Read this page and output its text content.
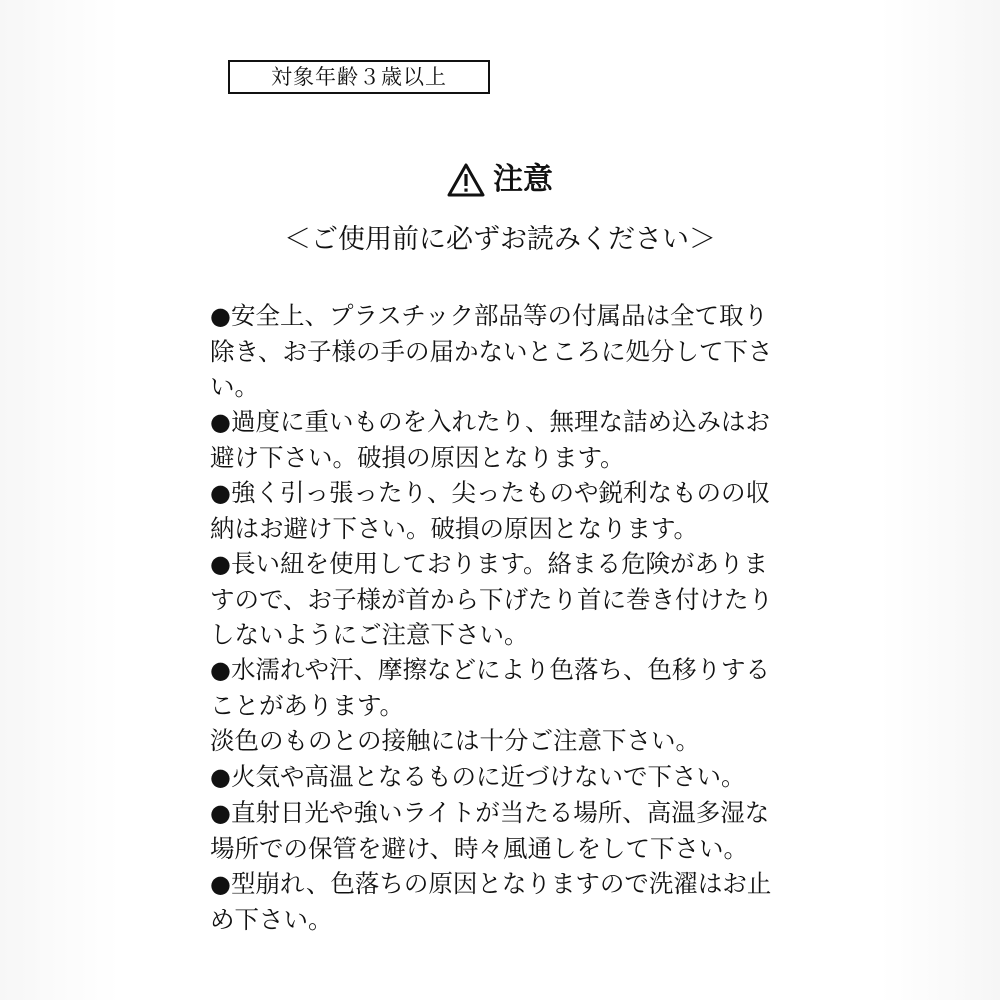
対象年齢３歳以上
注意
＜ご使用前に必ずお読みください＞

●安全上、プラスチック部品等の付属品は全て取り除き、お子様の手の届かないところに処分して下さい。

●過度に重いものを入れたり、無理な詰め込みはお避け下さい。破損の原因となります。

●強く引っ張ったり、尖ったものや鋭利なものの収納はお避け下さい。破損の原因となります。

●長い紐を使用しております。絡まる危険がありますので、お子様が首から下げたり首に巻き付けたりしないようにご注意下さい。

●水濡れや汗、摩擦などにより色落ち、色移りすることがあります。

淡色のものとの接触には十分ご注意下さい。

●火気や高温となるものに近づけないで下さい。

●直射日光や強いライトが当たる場所、高温多湿な場所での保管を避け、時々風通しをして下さい。

●型崩れ、色落ちの原因となりますので洗濯はお止め下さい。
